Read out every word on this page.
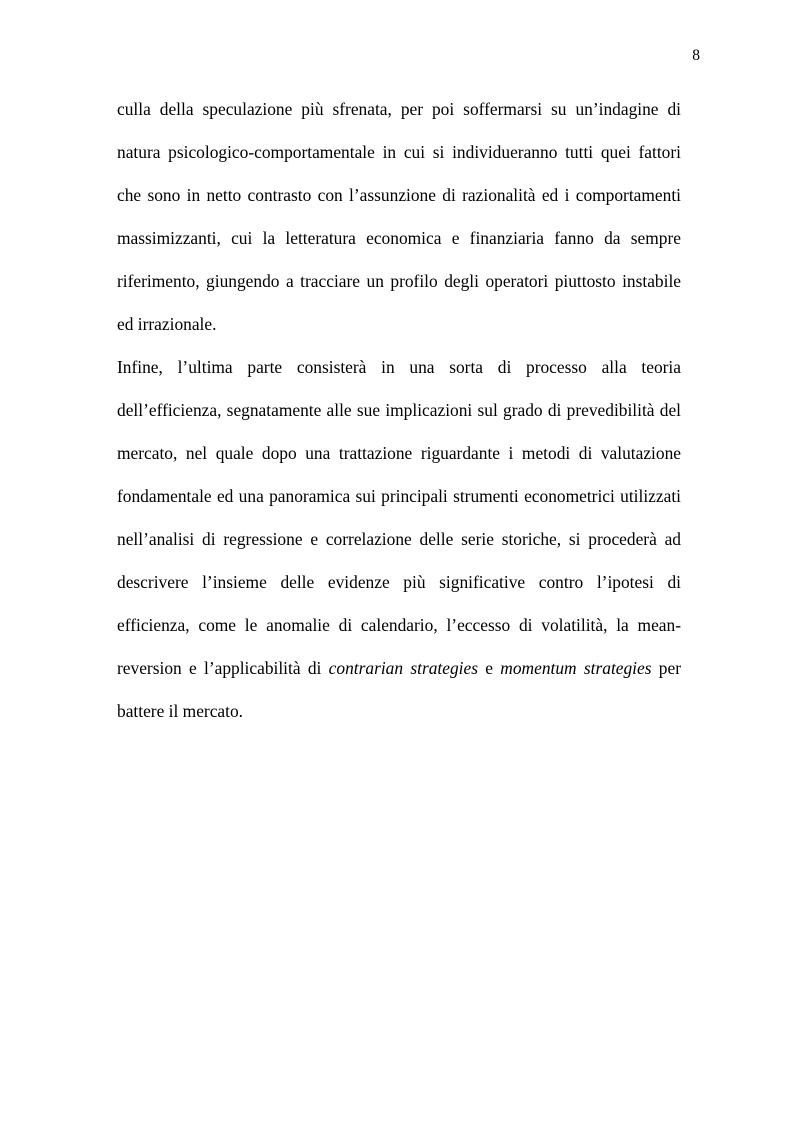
8

culla della speculazione più sfrenata, per poi soffermarsi su un’indagine di natura psicologico-comportamentale in cui si individueranno tutti quei fattori che sono in netto contrasto con l’assunzione di razionalità ed i comportamenti massimizzanti, cui la letteratura economica e finanziaria fanno da sempre riferimento, giungendo a tracciare un profilo degli operatori piuttosto instabile ed irrazionale.

Infine, l’ultima parte consisterà in una sorta di processo alla teoria dell’efficienza, segnatamente alle sue implicazioni sul grado di prevedibilità del mercato, nel quale dopo una trattazione riguardante i metodi di valutazione fondamentale ed una panoramica sui principali strumenti econometrici utilizzati nell’analisi di regressione e correlazione delle serie storiche, si procederà ad descrivere l’insieme delle evidenze più significative contro l’ipotesi di efficienza, come le anomalie di calendario, l’eccesso di volatilità, la mean-reversion e l’applicabilità di contrarian strategies e momentum strategies per battere il mercato.
